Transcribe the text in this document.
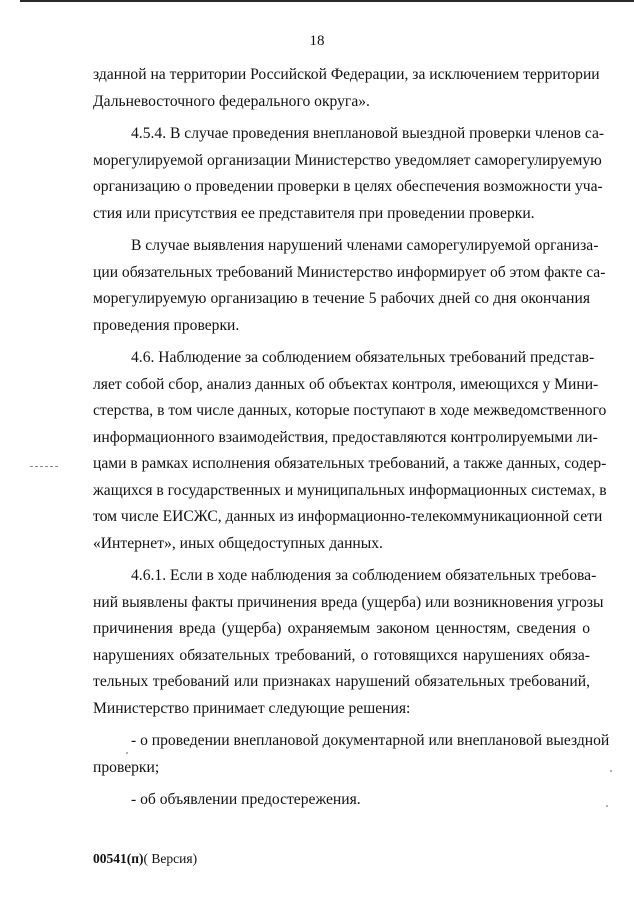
18

зданной на территории Российской Федерации, за исключением территории
Дальневосточного федерального округа».

4.5.4. В случае проведения внеплановой выездной проверки членов са-
морегулируемой организации Министерство уведомляет саморегулируемую
организацию о проведении проверки в целях обеспечения возможности уча-
стия или присутствия ее представителя при проведении проверки.

В случае выявления нарушений членами саморегулируемой организа-
ции обязательных требований Министерство информирует об этом факте са-
морегулируемую организацию в течение 5 рабочих дней со дня окончания
проведения проверки.

4.6. Наблюдение за соблюдением обязательных требований представ-
ляет собой сбор, анализ данных об объектах контроля, имеющихся у Мини-
стерства, в том числе данных, которые поступают в ходе межведомственного
информационного взаимодействия, предоставляются контролируемыми ли-
цами в рамках исполнения обязательных требований, а также данных, содер-
жащихся в государственных и муниципальных информационных системах, в
том числе ЕИСЖС, данных из информационно-телекоммуникационной сети
«Интернет», иных общедоступных данных.

4.6.1. Если в ходе наблюдения за соблюдением обязательных требова-
ний выявлены факты причинения вреда (ущерба) или возникновения угрозы
причинения вреда (ущерба) охраняемым законом ценностям, сведения о
нарушениях обязательных требований, о готовящихся нарушениях обяза-
тельных требований или признаках нарушений обязательных требований,
Министерство принимает следующие решения:

- о проведении внеплановой документарной или внеплановой выездной
проверки;

- об объявлении предостережения.

00541(п)( Версия)
